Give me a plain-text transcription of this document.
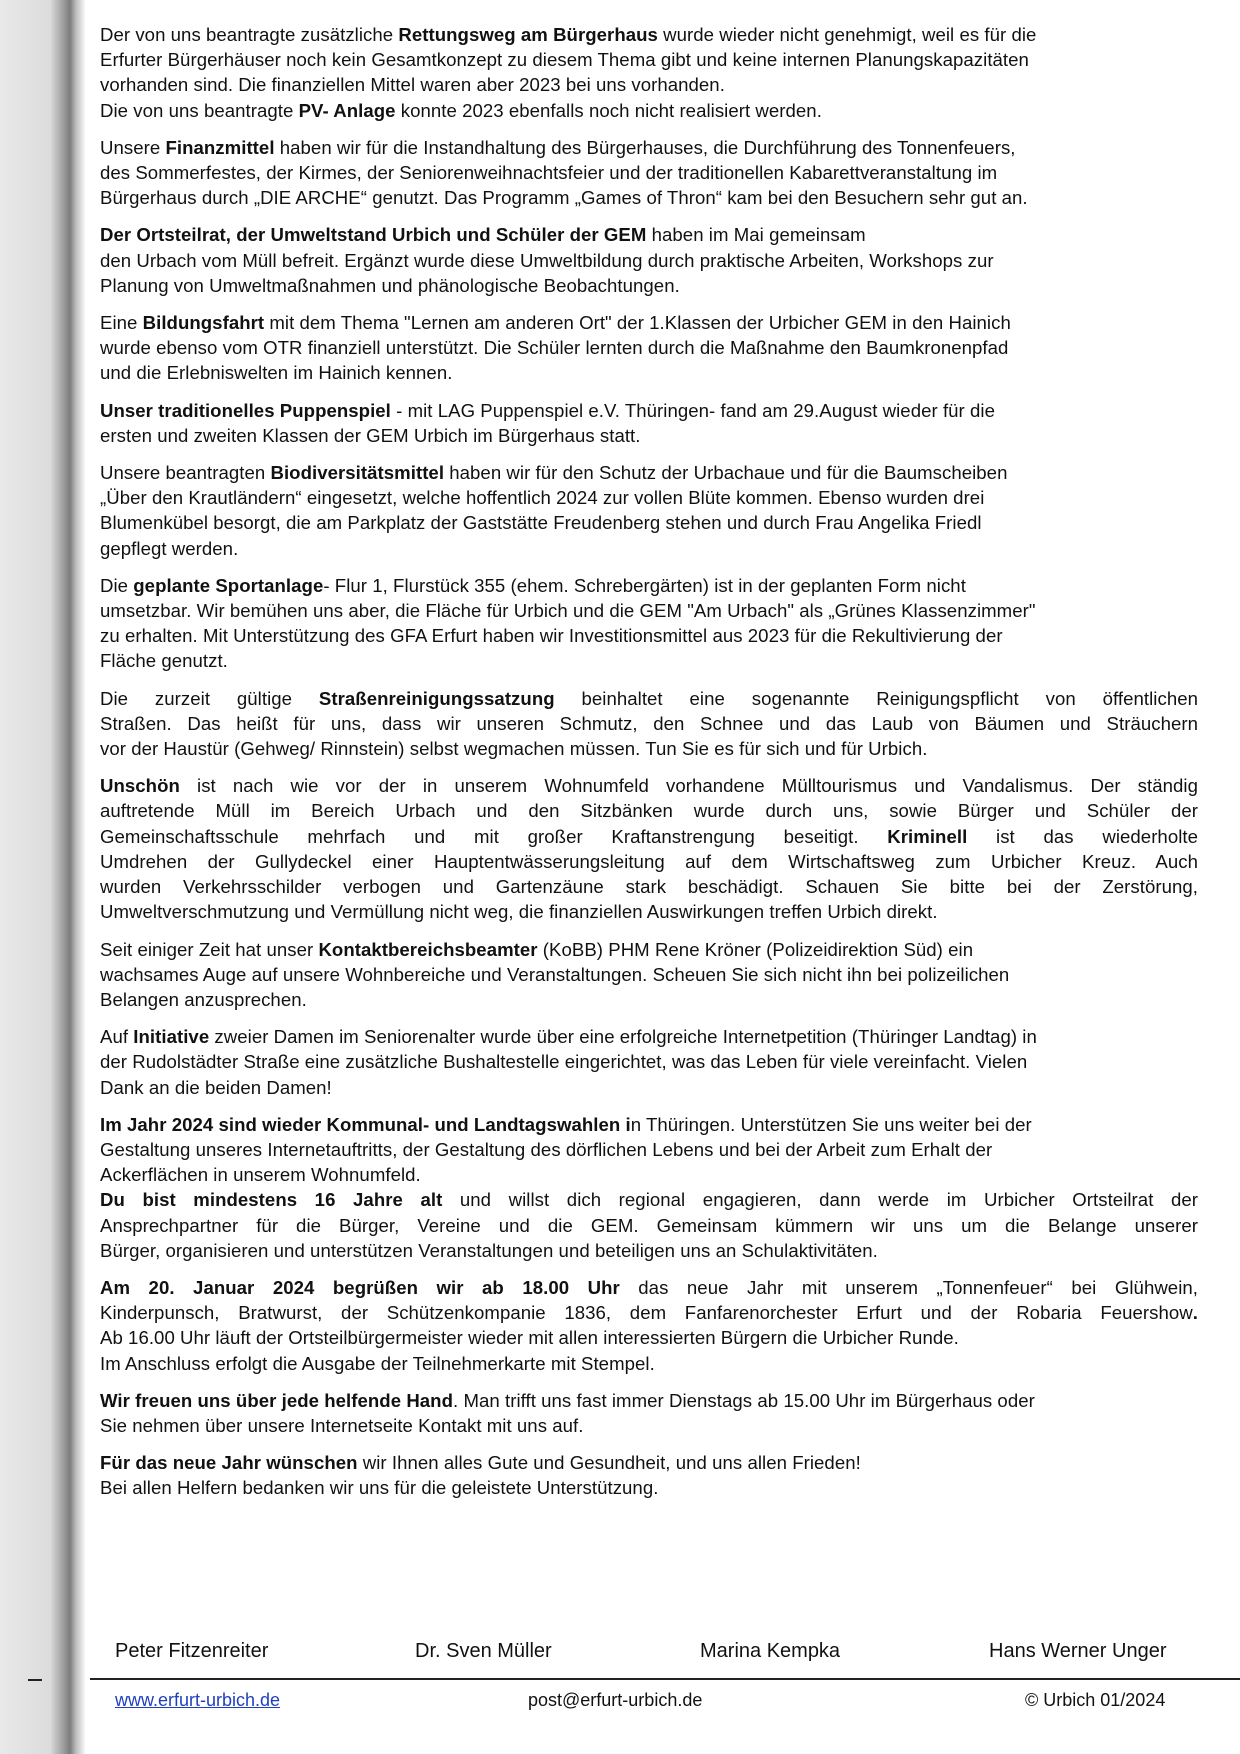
Der von uns beantragte zusätzliche Rettungsweg am Bürgerhaus wurde wieder nicht genehmigt, weil es für die
Erfurter Bürgerhäuser noch kein Gesamtkonzept zu diesem Thema gibt und keine internen Planungskapazitäten
vorhanden sind. Die finanziellen Mittel waren aber 2023 bei uns vorhanden.
Die von uns beantragte PV- Anlage konnte 2023 ebenfalls noch nicht realisiert werden.

Unsere Finanzmittel haben wir für die Instandhaltung des Bürgerhauses, die Durchführung des Tonnenfeuers,
des Sommerfestes, der Kirmes, der Seniorenweihnachtsfeier und der traditionellen Kabarettveranstaltung im
Bürgerhaus durch „DIE ARCHE“ genutzt. Das Programm „Games of Thron“ kam bei den Besuchern sehr gut an.

Der Ortsteilrat, der Umweltstand Urbich und Schüler der GEM haben im Mai gemeinsam
den Urbach vom Müll befreit. Ergänzt wurde diese Umweltbildung durch praktische Arbeiten, Workshops zur
Planung von Umweltmaßnahmen und phänologische Beobachtungen.

Eine Bildungsfahrt mit dem Thema "Lernen am anderen Ort" der 1.Klassen der Urbicher GEM in den Hainich
wurde ebenso vom OTR finanziell unterstützt. Die Schüler lernten durch die Maßnahme den Baumkronenpfad
und die Erlebniswelten im Hainich kennen.

Unser traditionelles Puppenspiel - mit LAG Puppenspiel e.V. Thüringen- fand am 29.August wieder für die
ersten und zweiten Klassen der GEM Urbich im Bürgerhaus statt.

Unsere beantragten Biodiversitätsmittel haben wir für den Schutz der Urbachaue und für die Baumscheiben
„Über den Krautländern“ eingesetzt, welche hoffentlich 2024 zur vollen Blüte kommen. Ebenso wurden drei
Blumenkübel besorgt, die am Parkplatz der Gaststätte Freudenberg stehen und durch Frau Angelika Friedl
gepflegt werden.

Die geplante Sportanlage- Flur 1, Flurstück 355 (ehem. Schrebergärten) ist in der geplanten Form nicht
umsetzbar. Wir bemühen uns aber, die Fläche für Urbich und die GEM "Am Urbach" als „Grünes Klassenzimmer"
zu erhalten. Mit Unterstützung des GFA Erfurt haben wir Investitionsmittel aus 2023 für die Rekultivierung der
Fläche genutzt.

Die zurzeit gültige Straßenreinigungssatzung beinhaltet eine sogenannte Reinigungspflicht von öffentlichen
Straßen. Das heißt für uns, dass wir unseren Schmutz, den Schnee und das Laub von Bäumen und Sträuchern
vor der Haustür (Gehweg/ Rinnstein) selbst wegmachen müssen. Tun Sie es für sich und für Urbich.

Unschön ist nach wie vor der in unserem Wohnumfeld vorhandene Mülltourismus und Vandalismus. Der ständig
auftretende Müll im Bereich Urbach und den Sitzbänken wurde durch uns, sowie Bürger und Schüler der
Gemeinschaftsschule mehrfach und mit großer Kraftanstrengung beseitigt. Kriminell ist das wiederholte
Umdrehen der Gullydeckel einer Hauptentwässerungsleitung auf dem Wirtschaftsweg zum Urbicher Kreuz. Auch
wurden Verkehrsschilder verbogen und Gartenzäune stark beschädigt. Schauen Sie bitte bei der Zerstörung,
Umweltverschmutzung und Vermüllung nicht weg, die finanziellen Auswirkungen treffen Urbich direkt.

Seit einiger Zeit hat unser Kontaktbereichsbeamter (KoBB) PHM Rene Kröner (Polizeidirektion Süd) ein
wachsames Auge auf unsere Wohnbereiche und Veranstaltungen. Scheuen Sie sich nicht ihn bei polizeilichen
Belangen anzusprechen.

Auf Initiative zweier Damen im Seniorenalter wurde über eine erfolgreiche Internetpetition (Thüringer Landtag) in
der Rudolstädter Straße eine zusätzliche Bushaltestelle eingerichtet, was das Leben für viele vereinfacht. Vielen
Dank an die beiden Damen!

Im Jahr 2024 sind wieder Kommunal- und Landtagswahlen in Thüringen. Unterstützen Sie uns weiter bei der
Gestaltung unseres Internetauftritts, der Gestaltung des dörflichen Lebens und bei der Arbeit zum Erhalt der
Ackerflächen in unserem Wohnumfeld.
Du bist mindestens 16 Jahre alt und willst dich regional engagieren, dann werde im Urbicher Ortsteilrat der
Ansprechpartner für die Bürger, Vereine und die GEM. Gemeinsam kümmern wir uns um die Belange unserer
Bürger, organisieren und unterstützen Veranstaltungen und beteiligen uns an Schulaktivitäten.

Am 20. Januar 2024 begrüßen wir ab 18.00 Uhr das neue Jahr mit unserem „Tonnenfeuer“ bei Glühwein,
Kinderpunsch, Bratwurst, der Schützenkompanie 1836, dem Fanfarenorchester Erfurt und der Robaria Feuershow.
Ab 16.00 Uhr läuft der Ortsteilbürgermeister wieder mit allen interessierten Bürgern die Urbicher Runde.
Im Anschluss erfolgt die Ausgabe der Teilnehmerkarte mit Stempel.

Wir freuen uns über jede helfende Hand. Man trifft uns fast immer Dienstags ab 15.00 Uhr im Bürgerhaus oder
Sie nehmen über unsere Internetseite Kontakt mit uns auf.

Für das neue Jahr wünschen wir Ihnen alles Gute und Gesundheit, und uns allen Frieden!
Bei allen Helfern bedanken wir uns für die geleistete Unterstützung.

Peter Fitzenreiter	Dr. Sven Müller	Marina Kempka	Hans Werner Unger
www.erfurt-urbich.de	post@erfurt-urbich.de	© Urbich 01/2024
